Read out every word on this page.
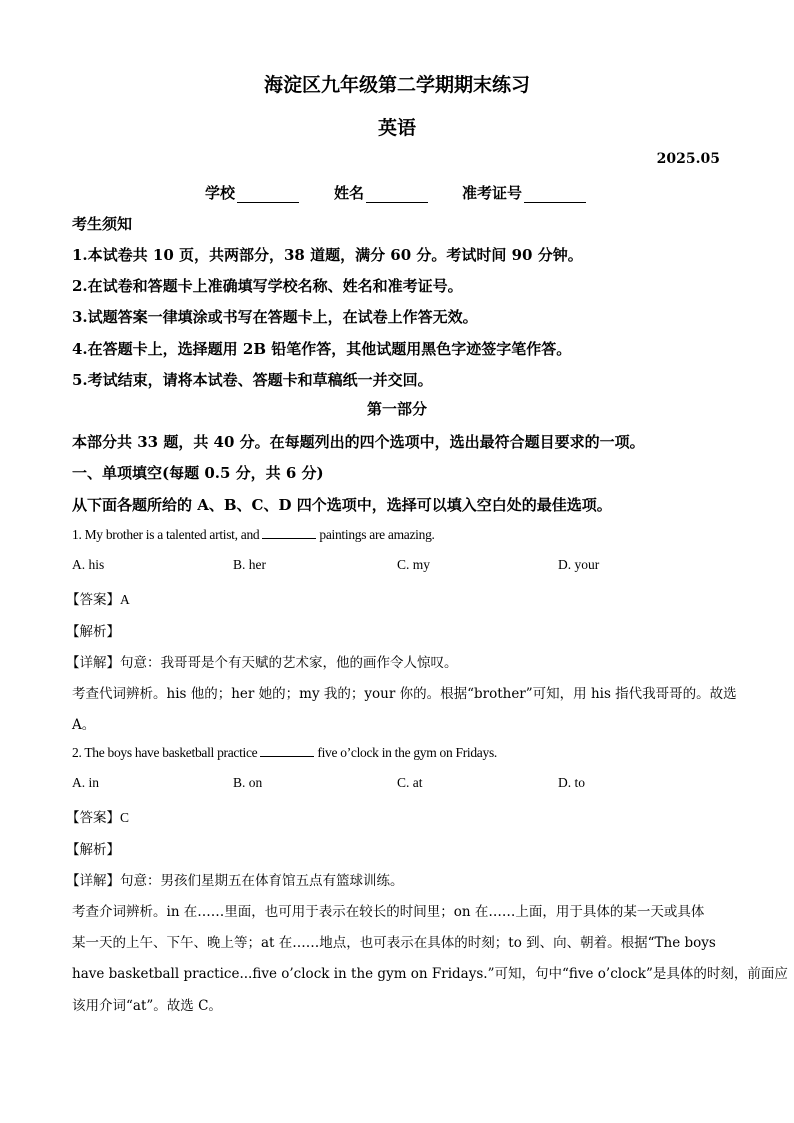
海淀区九年级第二学期期末练习
英语
2025.05
学校	姓名	准考证号
考生须知
1.本试卷共 10 页，共两部分，38 道题，满分 60 分。考试时间 90 分钟。
2.在试卷和答题卡上准确填写学校名称、姓名和准考证号。
3.试题答案一律填涂或书写在答题卡上，在试卷上作答无效。
4.在答题卡上，选择题用 2B 铅笔作答，其他试题用黑色字迹签字笔作答。
5.考试结束，请将本试卷、答题卡和草稿纸一并交回。
第一部分
本部分共 33 题，共 40 分。在每题列出的四个选项中，选出最符合题目要求的一项。
一、单项填空(每题 0.5 分，共 6 分)
从下面各题所给的 A、B、C、D 四个选项中，选择可以填入空白处的最佳选项。
1. My brother is a talented artist, and	paintings are amazing.
A. his	B. her	C. my	D. your
【答案】A
【解析】
【详解】句意：我哥哥是个有天赋的艺术家，他的画作令人惊叹。
考查代词辨析。his 他的；her 她的；my 我的；your 你的。根据“brother”可知，用 his 指代我哥哥的。故选
A。
2. The boys have basketball practice	five o’clock in the gym on Fridays.
A. in	B. on	C. at	D. to
【答案】C
【解析】
【详解】句意：男孩们星期五在体育馆五点有篮球训练。
考查介词辨析。in 在……里面，也可用于表示在较长的时间里；on 在……上面，用于具体的某一天或具体
某一天的上午、下午、晚上等；at 在……地点，也可表示在具体的时刻；to 到、向、朝着。根据“The boys
have basketball practice...five o’clock in the gym on Fridays.”可知，句中“five o’clock”是具体的时刻，前面应
该用介词“at”。故选 C。
